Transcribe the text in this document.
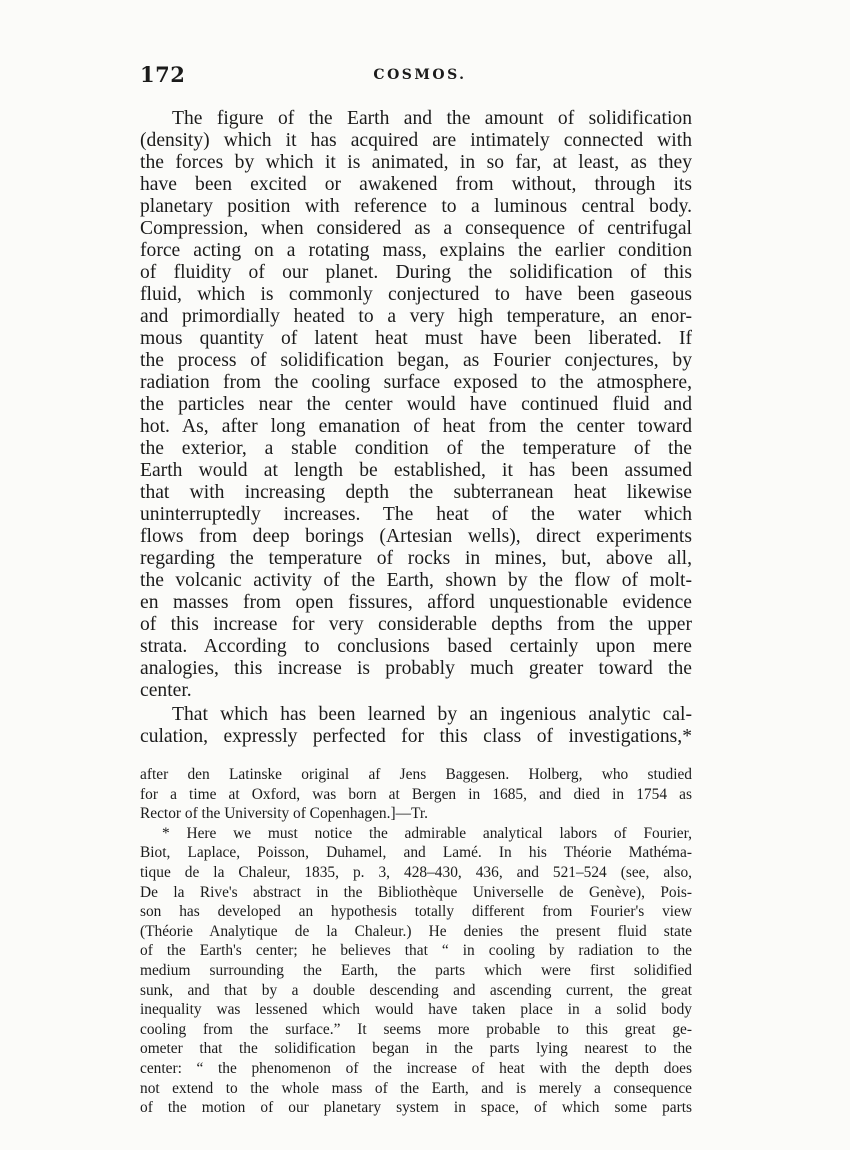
172	COSMOS.
The figure of the Earth and the amount of solidification
(density) which it has acquired are intimately connected with
the forces by which it is animated, in so far, at least, as they
have been excited or awakened from without, through its
planetary position with reference to a luminous central body.
Compression, when considered as a consequence of centrifugal
force acting on a rotating mass, explains the earlier condition
of fluidity of our planet. During the solidification of this
fluid, which is commonly conjectured to have been gaseous
and primordially heated to a very high temperature, an enor-
mous quantity of latent heat must have been liberated. If
the process of solidification began, as Fourier conjectures, by
radiation from the cooling surface exposed to the atmosphere,
the particles near the center would have continued fluid and
hot. As, after long emanation of heat from the center toward
the exterior, a stable condition of the temperature of the
Earth would at length be established, it has been assumed
that with increasing depth the subterranean heat likewise
uninterruptedly increases. The heat of the water which
flows from deep borings (Artesian wells), direct experiments
regarding the temperature of rocks in mines, but, above all,
the volcanic activity of the Earth, shown by the flow of molt-
en masses from open fissures, afford unquestionable evidence
of this increase for very considerable depths from the upper
strata. According to conclusions based certainly upon mere
analogies, this increase is probably much greater toward the
center.
That which has been learned by an ingenious analytic cal-
culation, expressly perfected for this class of investigations,*
after den Latinske original af Jens Baggesen. Holberg, who studied
for a time at Oxford, was born at Bergen in 1685, and died in 1754 as
Rector of the University of Copenhagen.]—Tr.
* Here we must notice the admirable analytical labors of Fourier,
Biot, Laplace, Poisson, Duhamel, and Lamé. In his Théorie Mathéma-
tique de la Chaleur, 1835, p. 3, 428–430, 436, and 521–524 (see, also,
De la Rive's abstract in the Bibliothèque Universelle de Genève), Pois-
son has developed an hypothesis totally different from Fourier's view
(Théorie Analytique de la Chaleur.) He denies the present fluid state
of the Earth's center; he believes that “ in cooling by radiation to the
medium surrounding the Earth, the parts which were first solidified
sunk, and that by a double descending and ascending current, the great
inequality was lessened which would have taken place in a solid body
cooling from the surface.” It seems more probable to this great ge-
ometer that the solidification began in the parts lying nearest to the
center: “ the phenomenon of the increase of heat with the depth does
not extend to the whole mass of the Earth, and is merely a consequence
of the motion of our planetary system in space, of which some parts
